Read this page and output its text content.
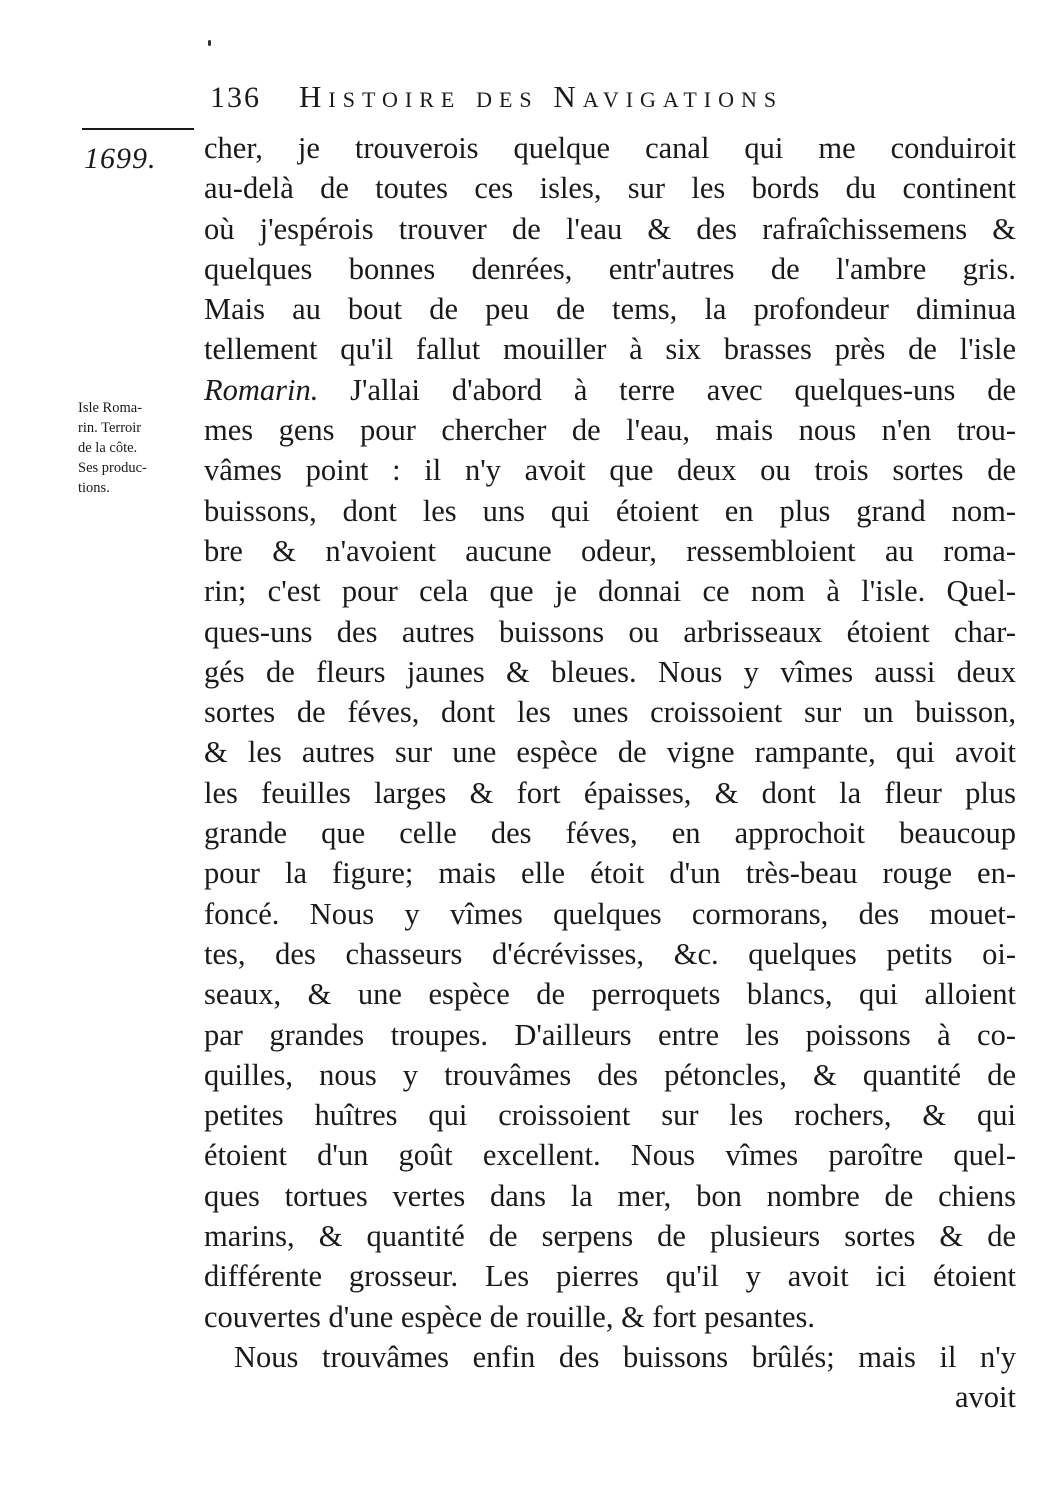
136 Histoire des Navigations
1699.
Isle Roma-
rin. Terroir
de la côte.
Ses produc-
tions.
cher, je trouverois quelque canal qui me conduiroit
au-delà de toutes ces isles, sur les bords du continent
où j'espérois trouver de l'eau & des rafraîchissemens &
quelques bonnes denrées, entr'autres de l'ambre gris.
Mais au bout de peu de tems, la profondeur diminua
tellement qu'il fallut mouiller à six brasses près de l'isle
Romarin. J'allai d'abord à terre avec quelques-uns de
mes gens pour chercher de l'eau, mais nous n'en trou-
vâmes point : il n'y avoit que deux ou trois sortes de
buissons, dont les uns qui étoient en plus grand nom-
bre & n'avoient aucune odeur, ressembloient au roma-
rin; c'est pour cela que je donnai ce nom à l'isle. Quel-
ques-uns des autres buissons ou arbrisseaux étoient char-
gés de fleurs jaunes & bleues. Nous y vîmes aussi deux
sortes de féves, dont les unes croissoient sur un buisson,
& les autres sur une espèce de vigne rampante, qui avoit
les feuilles larges & fort épaisses, & dont la fleur plus
grande que celle des féves, en approchoit beaucoup
pour la figure; mais elle étoit d'un très-beau rouge en-
foncé. Nous y vîmes quelques cormorans, des mouet-
tes, des chasseurs d'écrévisses, &c. quelques petits oi-
seaux, & une espèce de perroquets blancs, qui alloient
par grandes troupes. D'ailleurs entre les poissons à co-
quilles, nous y trouvâmes des pétoncles, & quantité de
petites huîtres qui croissoient sur les rochers, & qui
étoient d'un goût excellent. Nous vîmes paroître quel-
ques tortues vertes dans la mer, bon nombre de chiens
marins, & quantité de serpens de plusieurs sortes & de
différente grosseur. Les pierres qu'il y avoit ici étoient
couvertes d'une espèce de rouille, & fort pesantes.
Nous trouvâmes enfin des buissons brûlés; mais il n'y
avoit
